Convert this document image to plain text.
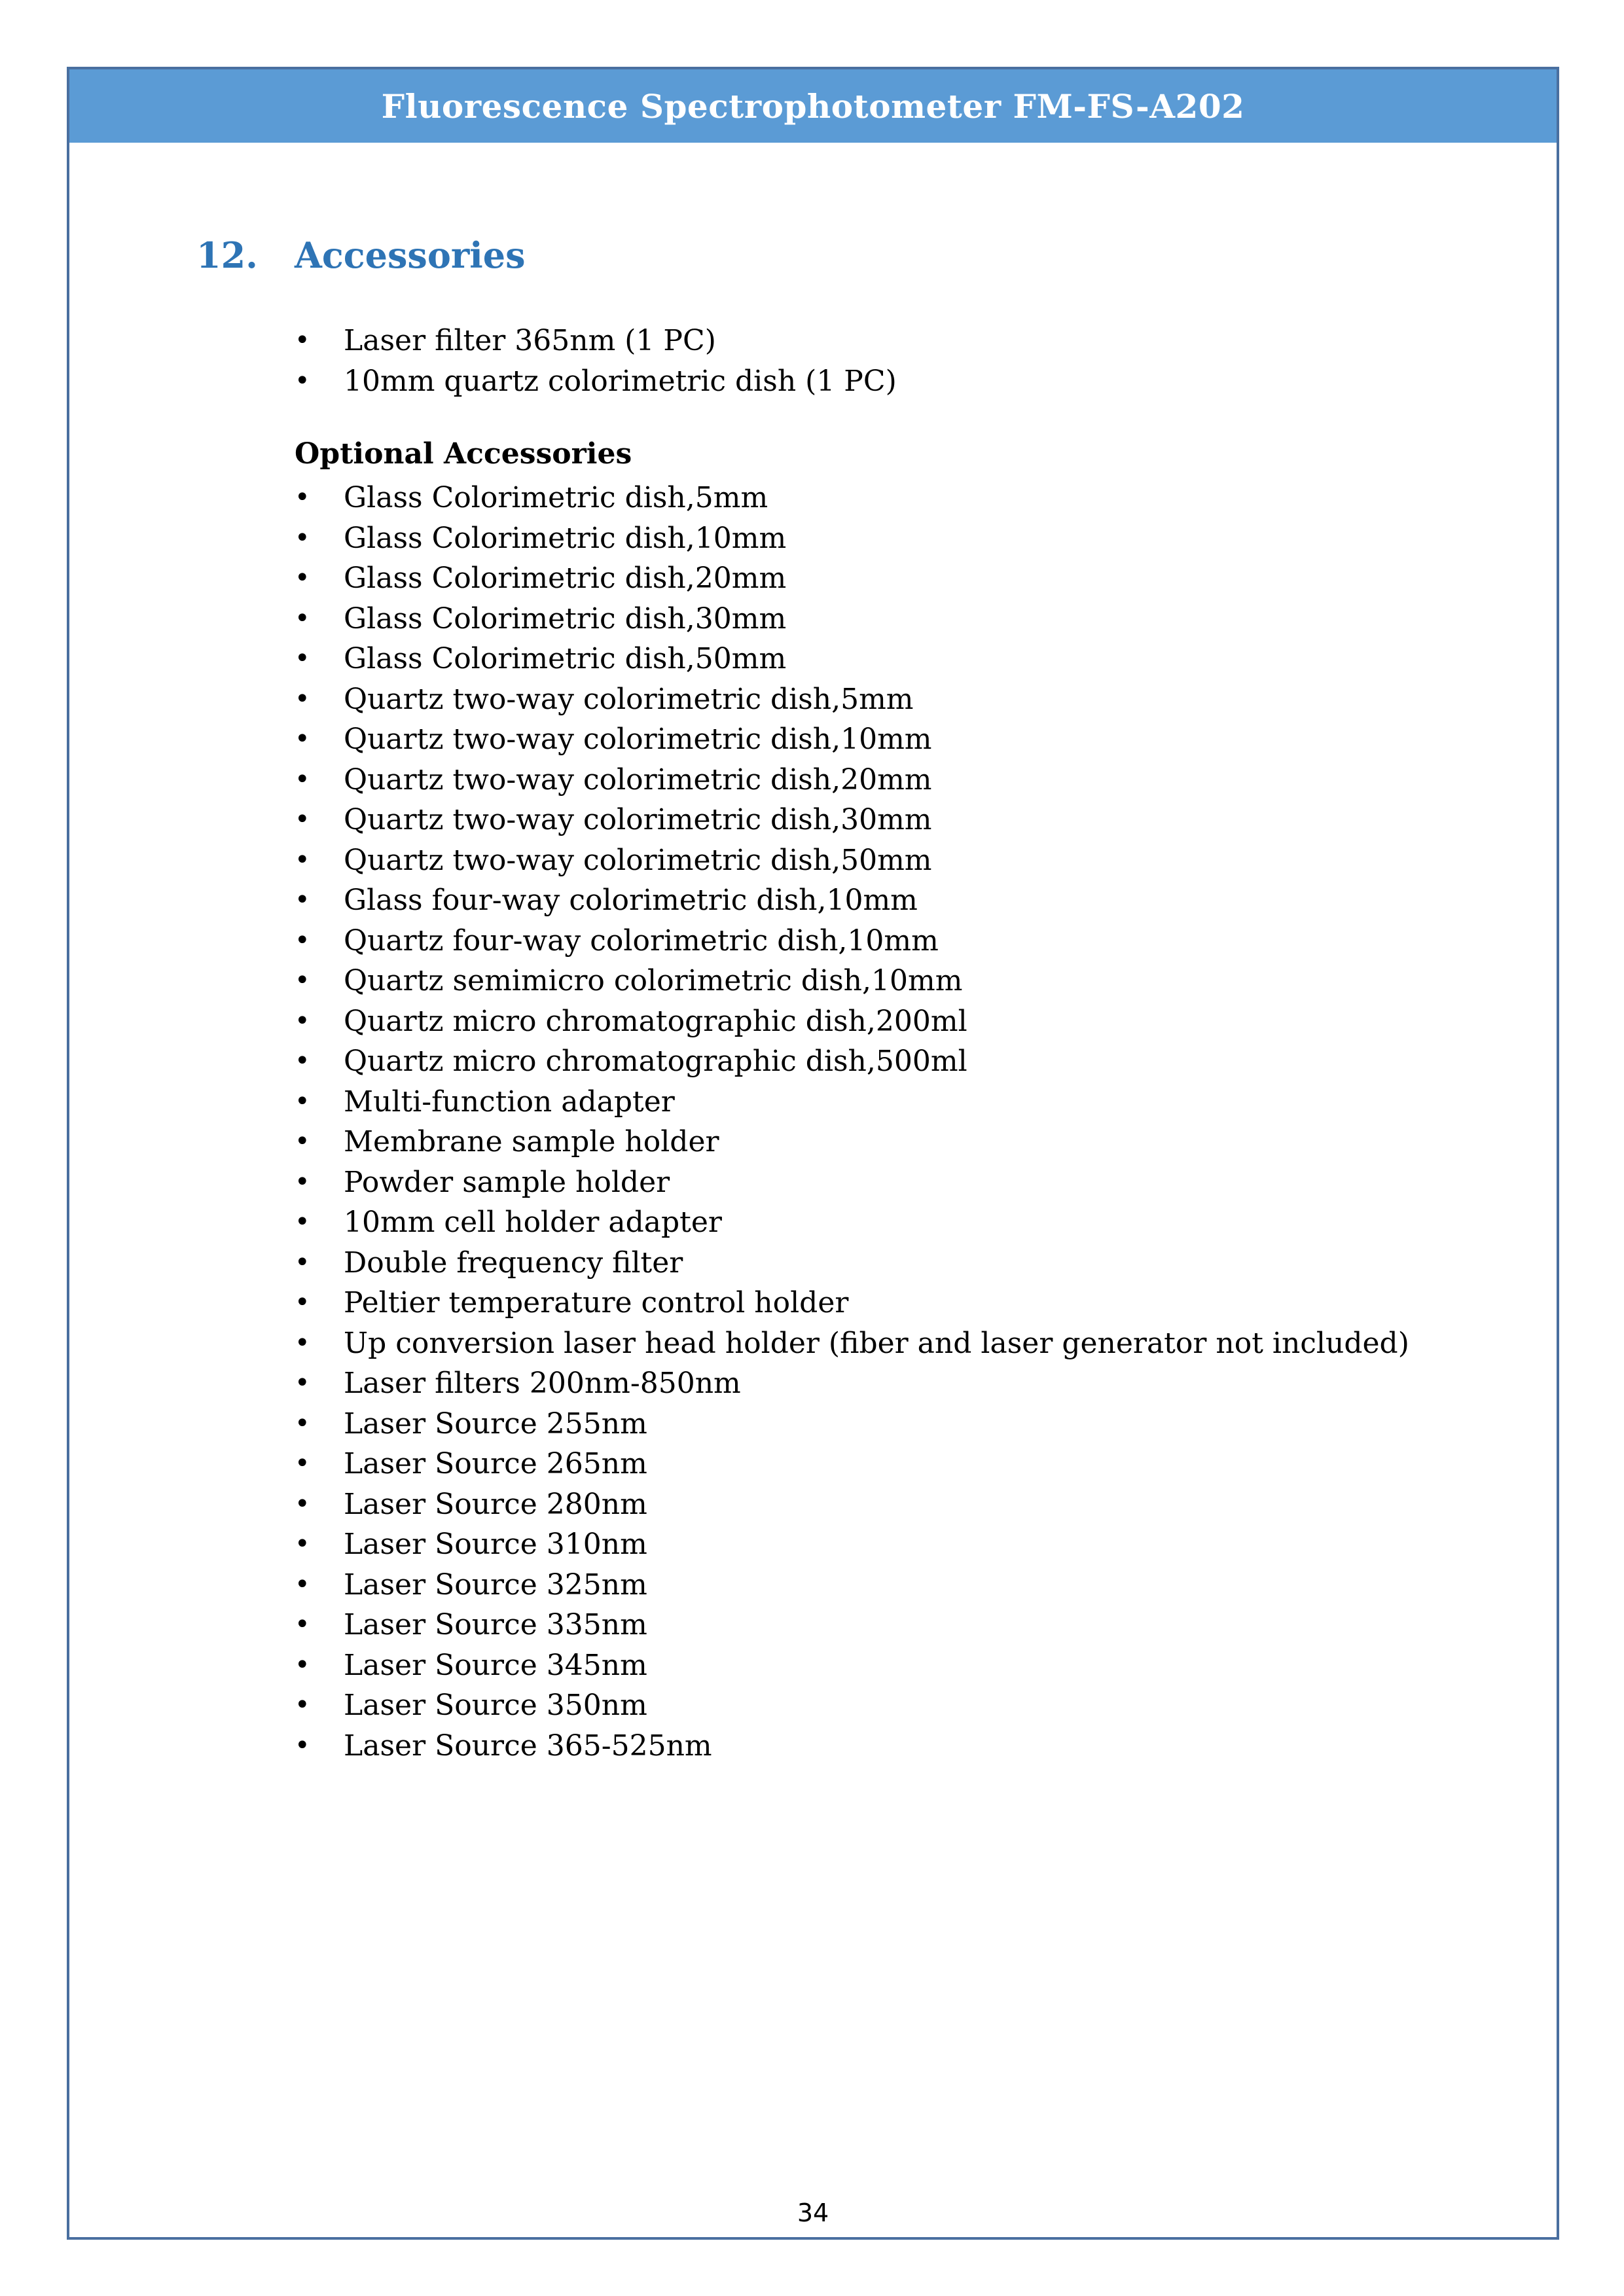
Fluorescence Spectrophotometer FM-FS-A202
34
12.	Accessories
•	Laser filter 365nm (1 PC)
•	10mm quartz colorimetric dish (1 PC)
Optional Accessories
•	Glass Colorimetric dish,5mm
•	Glass Colorimetric dish,10mm
•	Glass Colorimetric dish,20mm
•	Glass Colorimetric dish,30mm
•	Glass Colorimetric dish,50mm
•	Quartz two-way colorimetric dish,5mm
•	Quartz two-way colorimetric dish,10mm
•	Quartz two-way colorimetric dish,20mm
•	Quartz two-way colorimetric dish,30mm
•	Quartz two-way colorimetric dish,50mm
•	Glass four-way colorimetric dish,10mm
•	Quartz four-way colorimetric dish,10mm
•	Quartz semimicro colorimetric dish,10mm
•	Quartz micro chromatographic dish,200ml
•	Quartz micro chromatographic dish,500ml
•	Multi-function adapter
•	Membrane sample holder
•	Powder sample holder
•	10mm cell holder adapter
•	Double frequency filter
•	Peltier temperature control holder
•	Up conversion laser head holder (fiber and laser generator not included)
•	Laser filters 200nm-850nm
•	Laser Source 255nm
•	Laser Source 265nm
•	Laser Source 280nm
•	Laser Source 310nm
•	Laser Source 325nm
•	Laser Source 335nm
•	Laser Source 345nm
•	Laser Source 350nm
•	Laser Source 365-525nm
